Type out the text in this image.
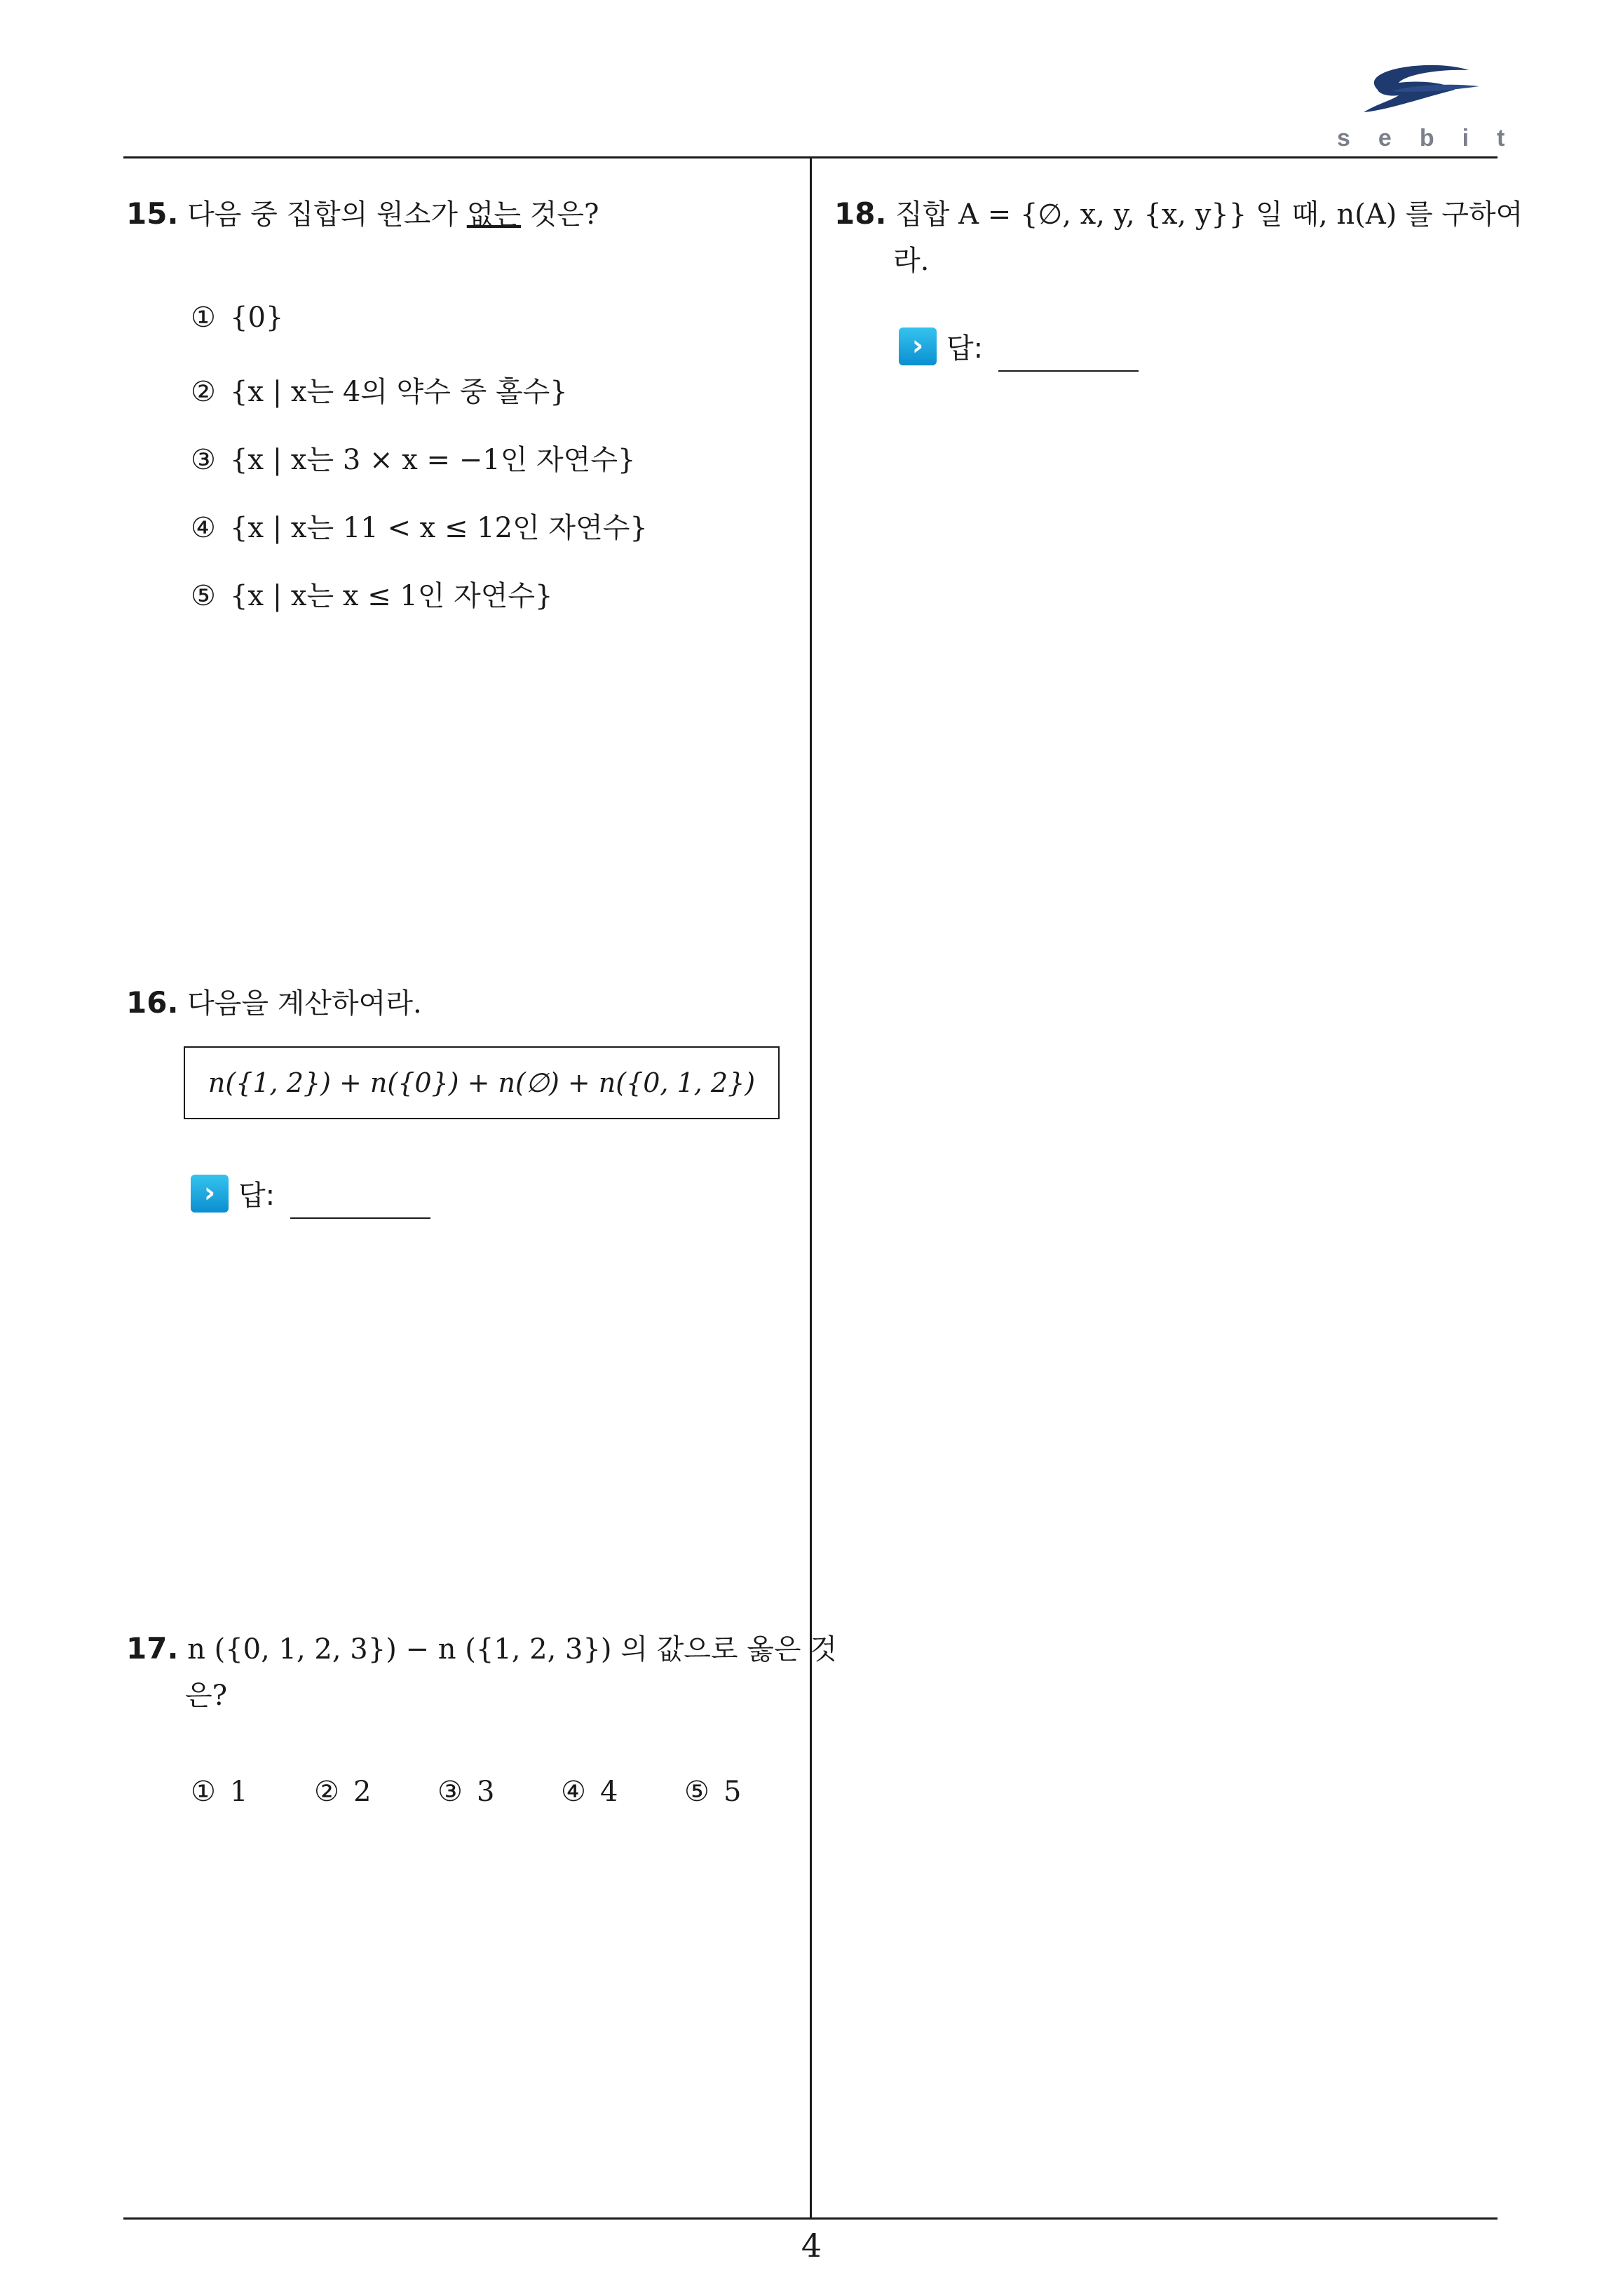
sebit
15. 다음 중 집합의 원소가 없는 것은?
① {0}
② {x | x는 4의 약수 중 홀수}
③ {x | x는 3 × x = −1인 자연수}
④ {x | x는 11 < x ≤ 12인 자연수}
⑤ {x | x는 x ≤ 1인 자연수}
16. 다음을 계산하여라.
n({1, 2}) + n({0}) + n(∅) + n({0, 1, 2})
› 답:
17. n ({0, 1, 2, 3}) − n ({1, 2, 3}) 의 값으로 옳은 것
은?
① 1 ② 2 ③ 3 ④ 4 ⑤ 5
18. 집합 A = {∅, x, y, {x, y}} 일 때, n(A) 를 구하여
라.
› 답:
4
